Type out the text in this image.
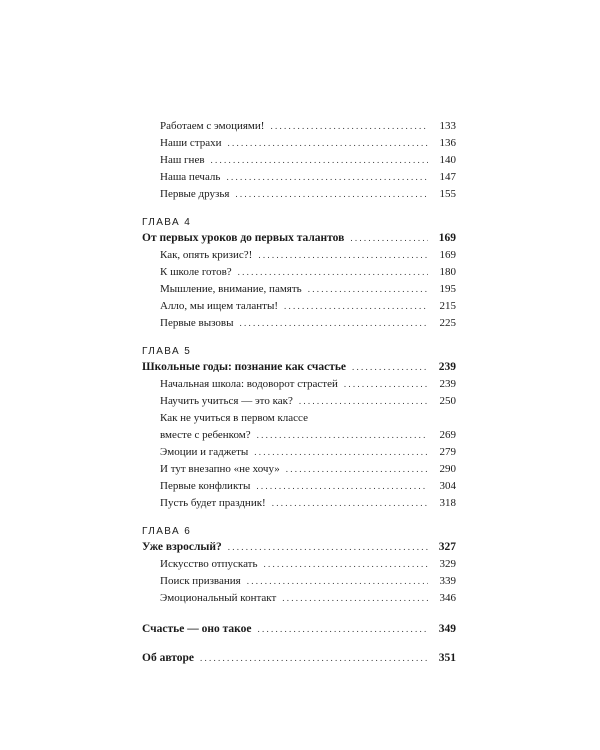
Работаем с эмоциями! . . .	133
Наши страхи . . .	136
Наш гнев . . .	140
Наша печаль . . .	147
Первые друзья . . .	155
ГЛАВА 4
От первых уроков до первых талантов . . .	169
Как, опять кризис?! . . .	169
К школе готов? . . .	180
Мышление, внимание, память . . .	195
Алло, мы ищем таланты! . . .	215
Первые вызовы . . .	225
ГЛАВА 5
Школьные годы: познание как счастье . . .	239
Начальная школа: водоворот страстей . . .	239
Научить учиться — это как? . . .	250
Как не учиться в первом классе
вместе с ребенком? . . .	269
Эмоции и гаджеты . . .	279
И тут внезапно «не хочу» . . .	290
Первые конфликты . . .	304
Пусть будет праздник! . . .	318
ГЛАВА 6
Уже взрослый? . . .	327
Искусство отпускать . . .	329
Поиск призвания . . .	339
Эмоциональный контакт . . .	346
Счастье — оно такое . . .	349
Об авторе . . .	351
